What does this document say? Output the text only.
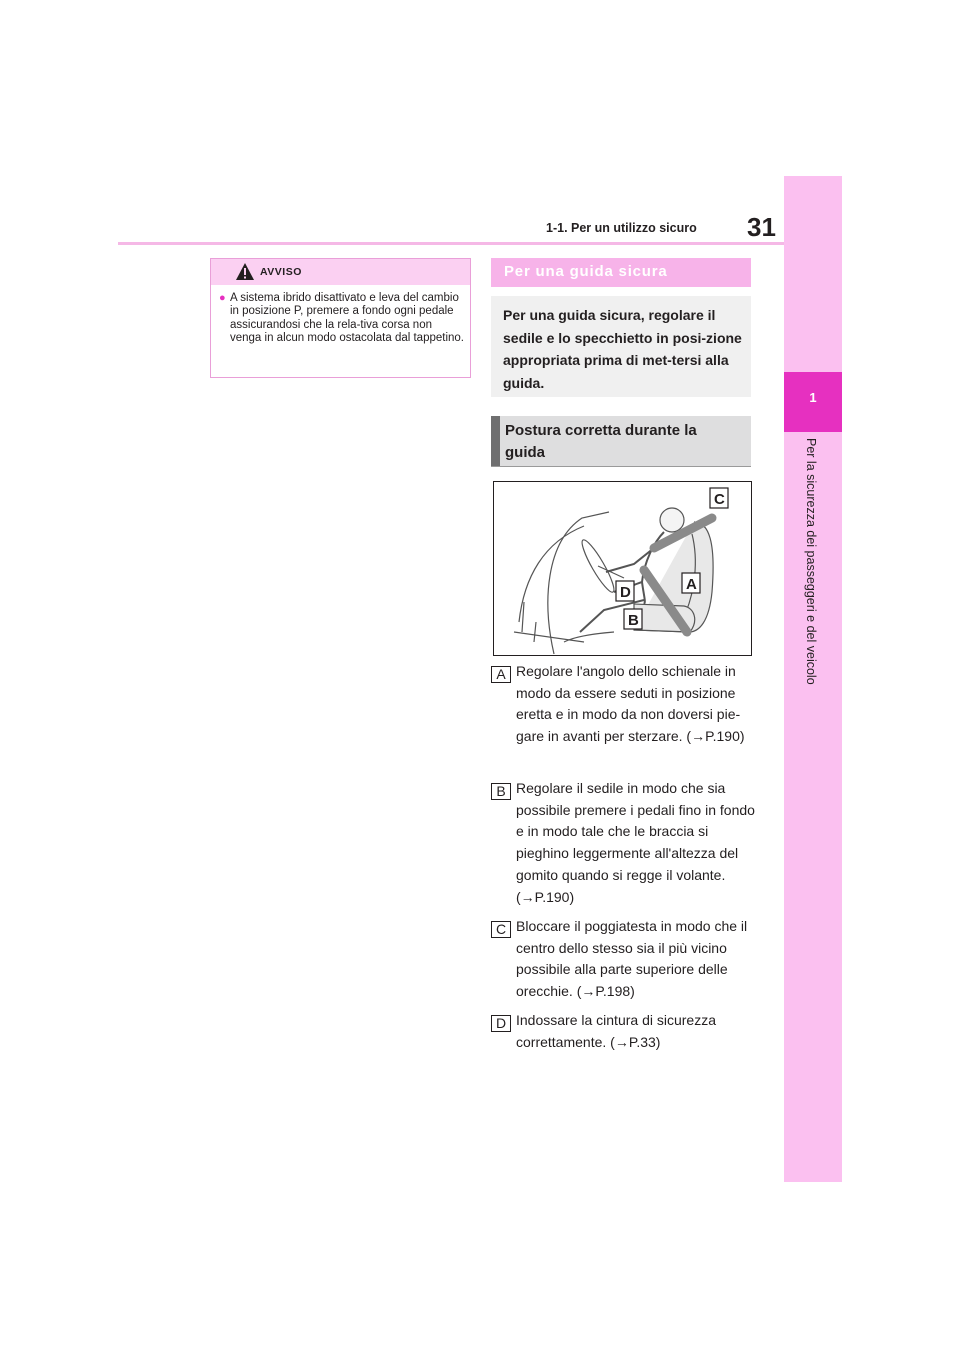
1-1. Per un utilizzo sicuro 31
1
Per la sicurezza dei passeggeri e del veicolo
AVVISO
● A sistema ibrido disattivato e leva del cambio in posizione P, premere a fondo ogni pedale assicurandosi che la rela-tiva corsa non venga in alcun modo ostacolata dal tappetino.
Per una guida sicura
Per una guida sicura, regolare il sedile e lo specchietto in posi-zione appropriata prima di met-tersi alla guida.
Postura corretta durante la guida
C
A
D
B
A Regolare l'angolo dello schienale in modo da essere seduti in posizione eretta e in modo da non doversi pie-gare in avanti per sterzare. (→P.190)
B Regolare il sedile in modo che sia possibile premere i pedali fino in fondo e in modo tale che le braccia si pieghino leggermente all'altezza del gomito quando si regge il volante. (→P.190)
C Bloccare il poggiatesta in modo che il centro dello stesso sia il più vicino possibile alla parte superiore delle orecchie. (→P.198)
D Indossare la cintura di sicurezza correttamente. (→P.33)
